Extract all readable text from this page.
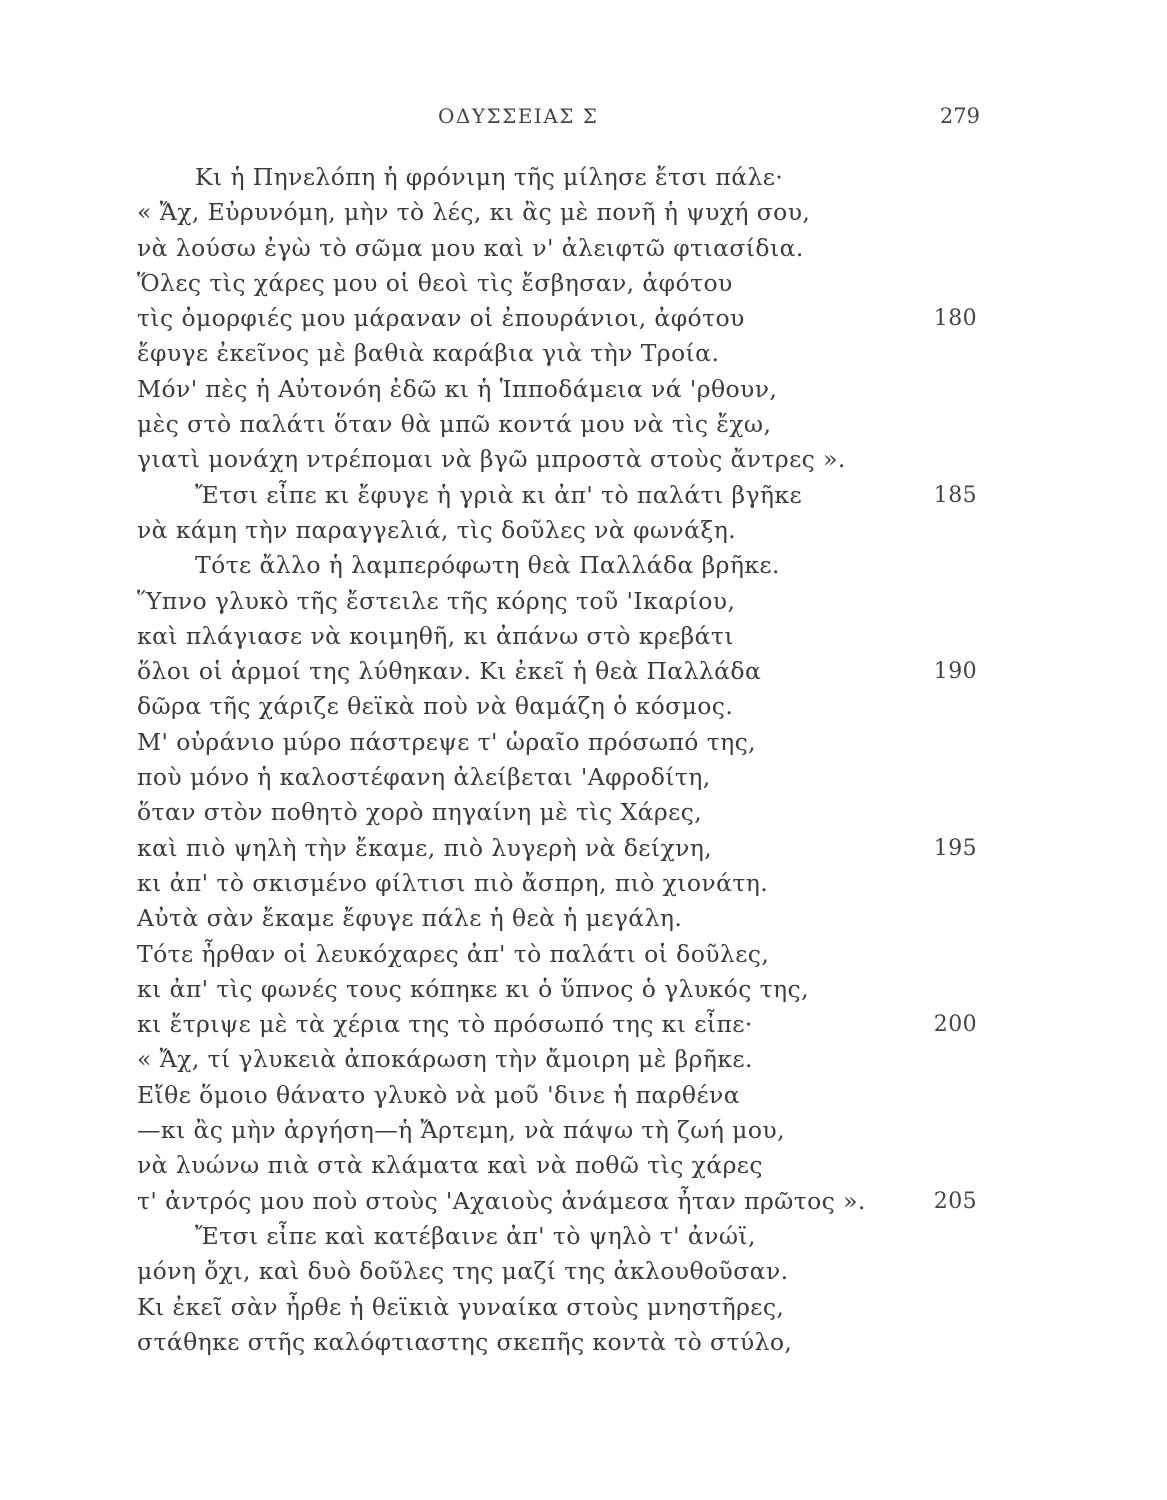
ΟΔΥΣΣΕΙΑΣ Σ	279
Κι ἡ Πηνελόπη ἡ φρόνιμη τῆς μίλησε ἔτσι πάλε·
« Ἄχ, Εὐρυνόμη, μὴν τὸ λές, κι ἂς μὲ πονῆ ἡ ψυχή σου,
νὰ λούσω ἐγὼ τὸ σῶμα μου καὶ ν' ἀλειφτῶ φτιασίδια.
Ὅλες τὶς χάρες μου οἱ θεοὶ τὶς ἔσβησαν, ἀφότου
τὶς ὀμορφιές μου μάραναν οἱ ἐπουράνιοι, ἀφότου	180
ἔφυγε ἐκεῖνος μὲ βαθιὰ καράβια γιὰ τὴν Τροία.
Μόν' πὲς ἡ Αὐτονόη ἐδῶ κι ἡ Ἱπποδάμεια νά 'ρθουν,
μὲς στὸ παλάτι ὅταν θὰ μπῶ κοντά μου νὰ τὶς ἔχω,
γιατὶ μονάχη ντρέπομαι νὰ βγῶ μπροστὰ στοὺς ἄντρες ».
Ἔτσι εἶπε κι ἔφυγε ἡ γριὰ κι ἀπ' τὸ παλάτι βγῆκε	185
νὰ κάμη τὴν παραγγελιά, τὶς δοῦλες νὰ φωνάξη.
Τότε ἄλλο ἡ λαμπερόφωτη θεὰ Παλλάδα βρῆκε.
Ὕπνο γλυκὸ τῆς ἔστειλε τῆς κόρης τοῦ 'Ικαρίου,
καὶ πλάγιασε νὰ κοιμηθῆ, κι ἀπάνω στὸ κρεβάτι
ὅλοι οἱ ἁρμοί της λύθηκαν. Κι ἐκεῖ ἡ θεὰ Παλλάδα	190
δῶρα τῆς χάριζε θεϊκὰ ποὺ νὰ θαμάζη ὁ κόσμος.
Μ' οὐράνιο μύρο πάστρεψε τ' ὡραῖο πρόσωπό της,
ποὺ μόνο ἡ καλοστέφανη ἀλείβεται 'Αφροδίτη,
ὅταν στὸν ποθητὸ χορὸ πηγαίνη μὲ τὶς Χάρες,
καὶ πιὸ ψηλὴ τὴν ἔκαμε, πιὸ λυγερὴ νὰ δείχνη,	195
κι ἀπ' τὸ σκισμένο φίλτισι πιὸ ἄσπρη, πιὸ χιονάτη.
Αὐτὰ σὰν ἔκαμε ἔφυγε πάλε ἡ θεὰ ἡ μεγάλη.
Τότε ἦρθαν οἱ λευκόχαρες ἀπ' τὸ παλάτι οἱ δοῦλες,
κι ἀπ' τὶς φωνές τους κόπηκε κι ὁ ὕπνος ὁ γλυκός της,
κι ἔτριψε μὲ τὰ χέρια της τὸ πρόσωπό της κι εἶπε·	200
« Ἄχ, τί γλυκειὰ ἀποκάρωση τὴν ἄμοιρη μὲ βρῆκε.
Εἴθε ὅμοιο θάνατο γλυκὸ νὰ μοῦ 'δινε ἡ παρθένα
—κι ἂς μὴν ἀργήση—ἡ Ἄρτεμη, νὰ πάψω τὴ ζωή μου,
νὰ λυώνω πιὰ στὰ κλάματα καὶ νὰ ποθῶ τὶς χάρες
τ' ἀντρός μου ποὺ στοὺς 'Αχαιοὺς ἀνάμεσα ἦταν πρῶτος ».	205
Ἔτσι εἶπε καὶ κατέβαινε ἀπ' τὸ ψηλὸ τ' ἀνώϊ,
μόνη ὄχι, καὶ δυὸ δοῦλες της μαζί της ἀκλουθοῦσαν.
Κι ἐκεῖ σὰν ἦρθε ἡ θεϊκιὰ γυναίκα στοὺς μνηστῆρες,
στάθηκε στῆς καλόφτιαστης σκεπῆς κοντὰ τὸ στύλο,
